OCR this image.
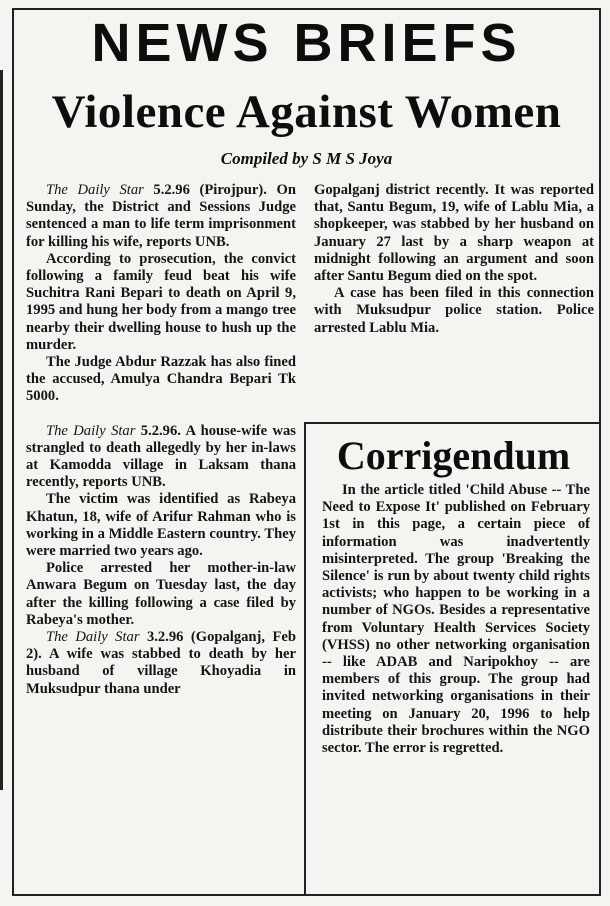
NEWS BRIEFS
Violence Against Women
Compiled by S M S Joya

The Daily Star 5.2.96 (Pirojpur). On Sunday, the District and Sessions Judge sentenced a man to life term imprisonment for killing his wife, reports UNB.

According to prosecution, the convict following a family feud beat his wife Suchitra Rani Bepari to death on April 9, 1995 and hung her body from a mango tree nearby their dwelling house to hush up the murder.

The Judge Abdur Razzak has also fined the accused, Amulya Chandra Bepari Tk 5000.

The Daily Star 5.2.96. A house-wife was strangled to death allegedly by her in-laws at Kamodda village in Laksam thana recently, reports UNB.

The victim was identified as Rabeya Khatun, 18, wife of Arifur Rahman who is working in a Middle Eastern country. They were married two years ago.

Police arrested her mother-in-law Anwara Begum on Tuesday last, the day after the killing following a case filed by Rabeya's mother.

The Daily Star 3.2.96 (Gopalganj, Feb 2). A wife was stabbed to death by her husband of village Khoyadia in Muksudpur thana under

Gopalganj district recently. It was reported that, Santu Begum, 19, wife of Lablu Mia, a shopkeeper, was stabbed by her husband on January 27 last by a sharp weapon at midnight following an argument and soon after Santu Begum died on the spot.

A case has been filed in this connection with Muksudpur police station. Police arrested Lablu Mia.

Corrigendum

In the article titled 'Child Abuse -- The Need to Expose It' published on February 1st in this page, a certain piece of information was inadvertently misinterpreted. The group 'Breaking the Silence' is run by about twenty child rights activists; who happen to be working in a number of NGOs. Besides a representative from Voluntary Health Services Society (VHSS) no other networking organisation -- like ADAB and Naripokhoy -- are members of this group. The group had invited networking organisations in their meeting on January 20, 1996 to help distribute their brochures within the NGO sector. The error is regretted.
